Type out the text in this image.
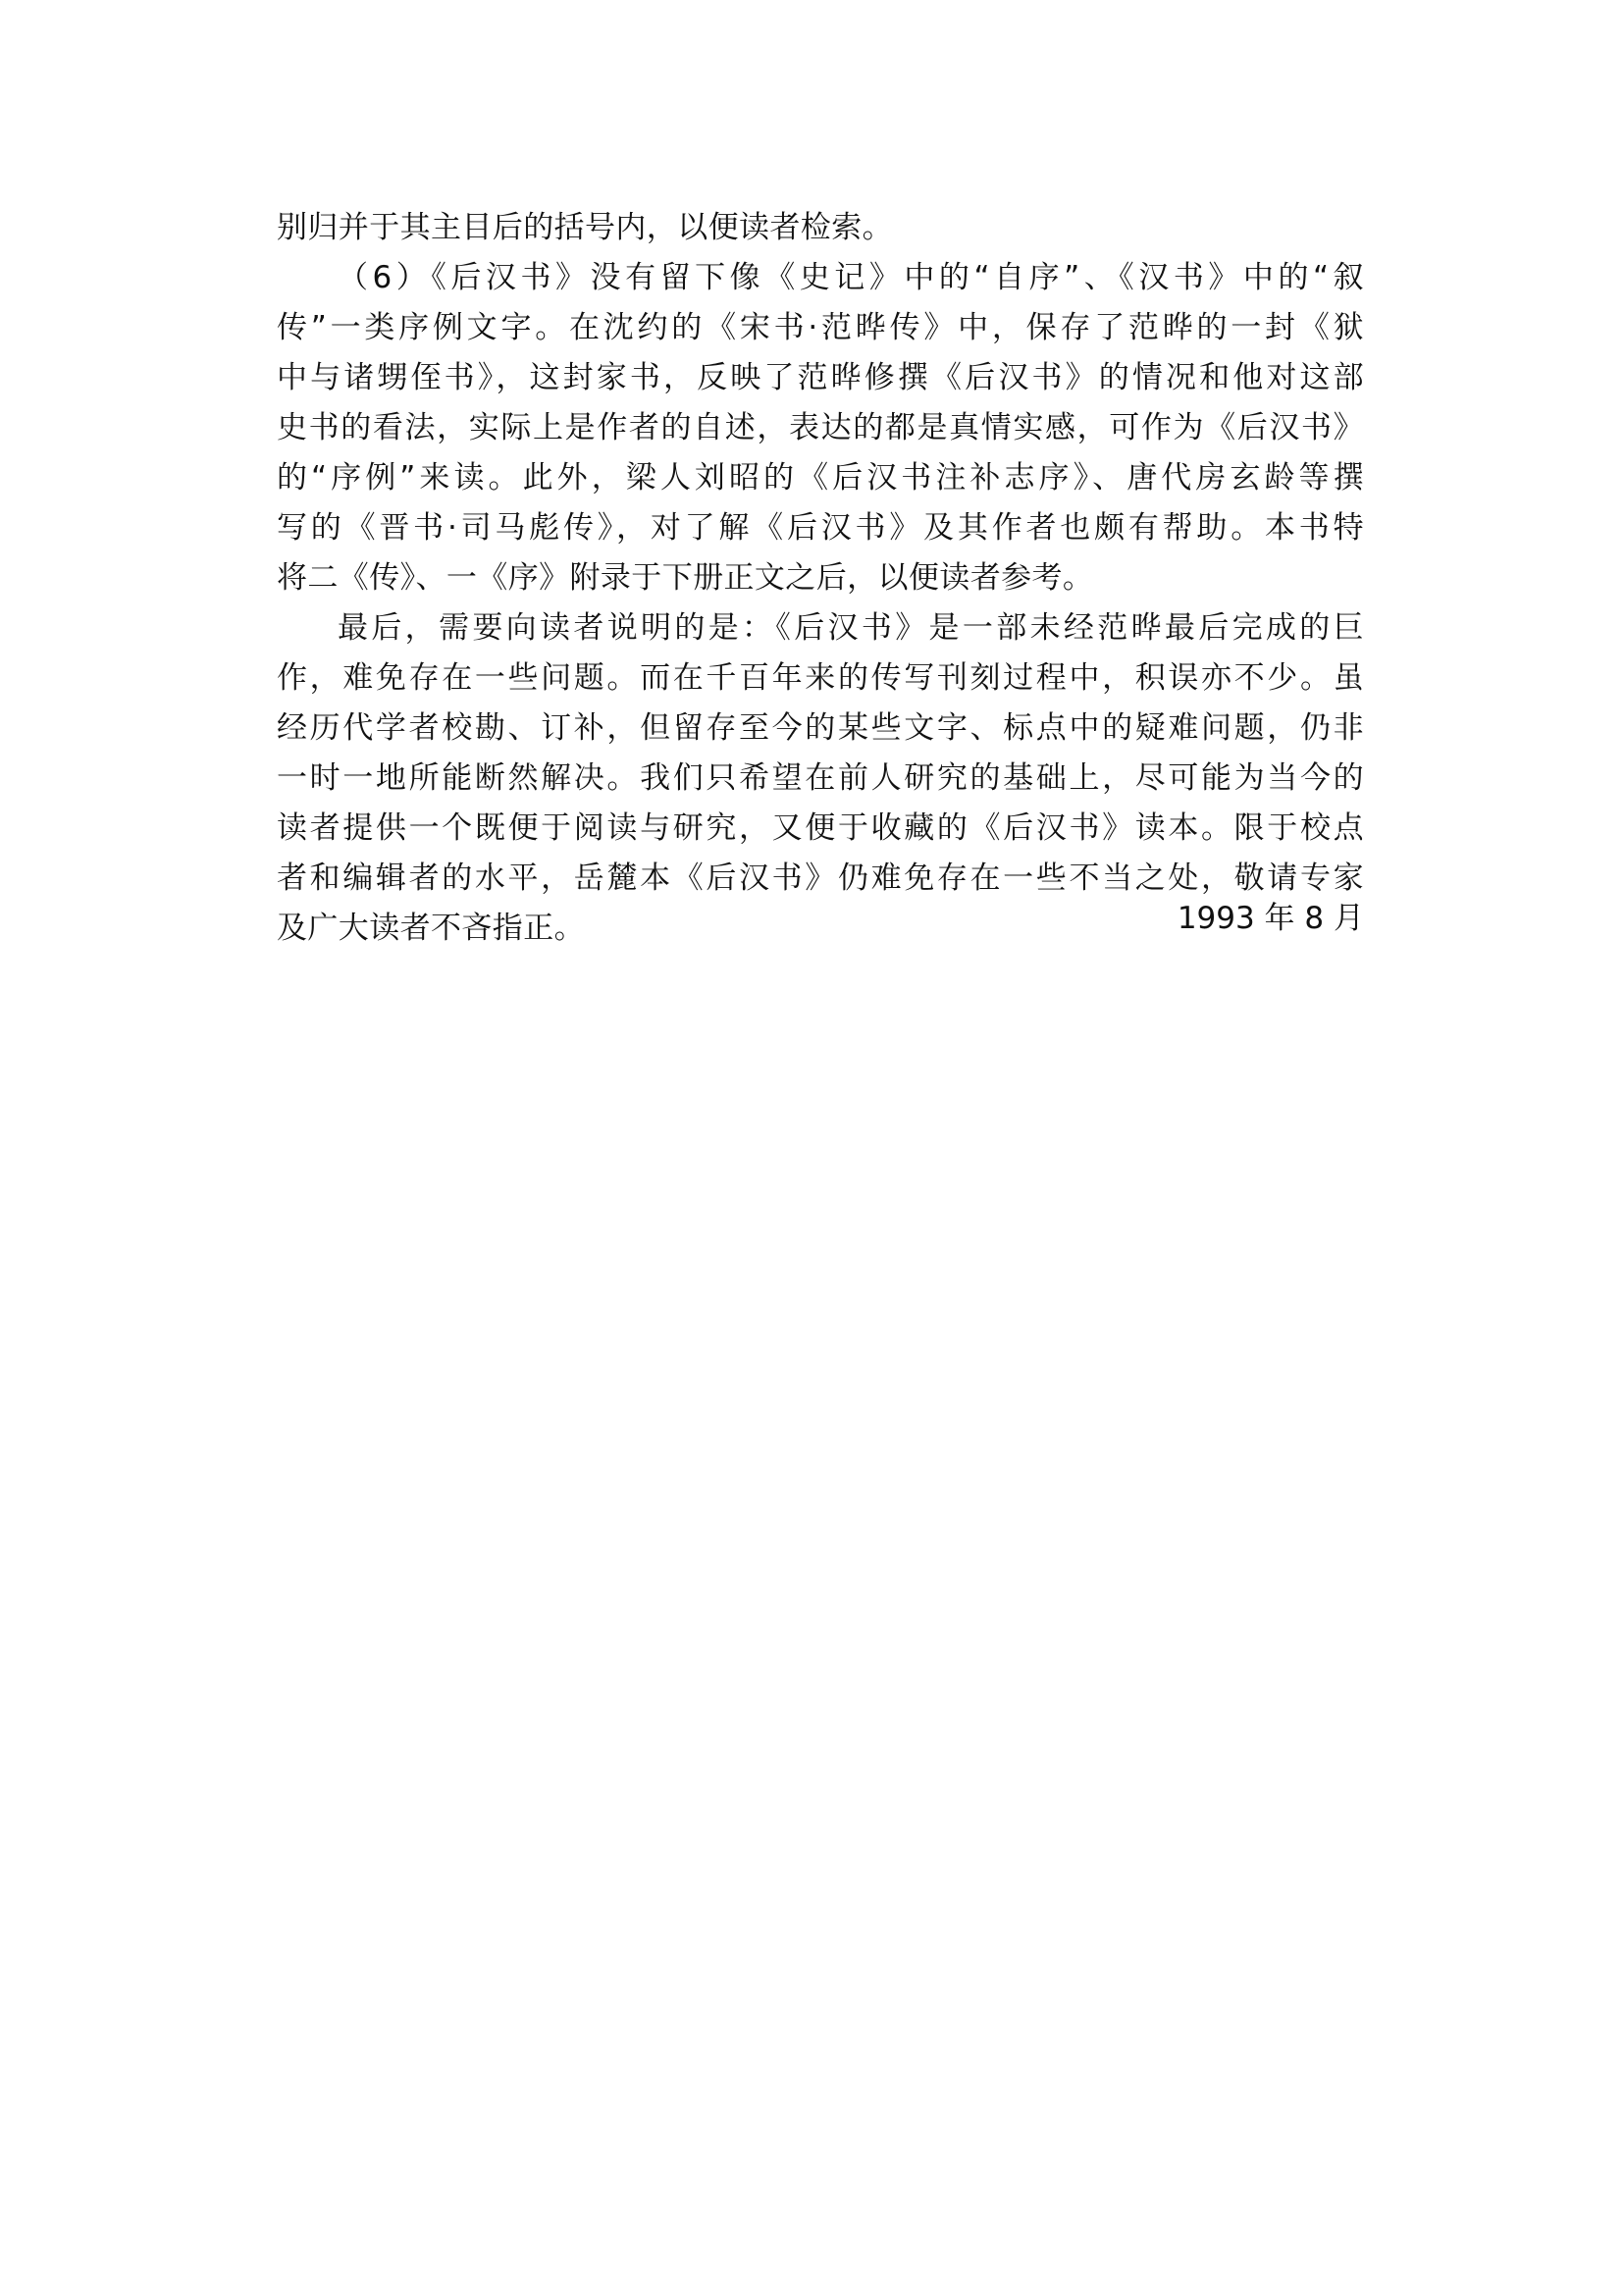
别归并于其主目后的括号内，以便读者检索。
（6）《后汉书》没有留下像《史记》中的“自序”、《汉书》中的“叙
传”一类序例文字。在沈约的《宋书·范晔传》中，保存了范晔的一封《狱
中与诸甥侄书》，这封家书，反映了范晔修撰《后汉书》的情况和他对这部
史书的看法，实际上是作者的自述，表达的都是真情实感，可作为《后汉书》
的“序例”来读。此外，梁人刘昭的《后汉书注补志序》、唐代房玄龄等撰
写的《晋书·司马彪传》，对了解《后汉书》及其作者也颇有帮助。本书特
将二《传》、一《序》附录于下册正文之后，以便读者参考。
最后，需要向读者说明的是：《后汉书》是一部未经范晔最后完成的巨
作，难免存在一些问题。而在千百年来的传写刊刻过程中，积误亦不少。虽
经历代学者校勘、订补，但留存至今的某些文字、标点中的疑难问题，仍非
一时一地所能断然解决。我们只希望在前人研究的基础上，尽可能为当今的
读者提供一个既便于阅读与研究，又便于收藏的《后汉书》读本。限于校点
者和编辑者的水平，岳麓本《后汉书》仍难免存在一些不当之处，敬请专家
及广大读者不吝指正。	1993 年 8 月
